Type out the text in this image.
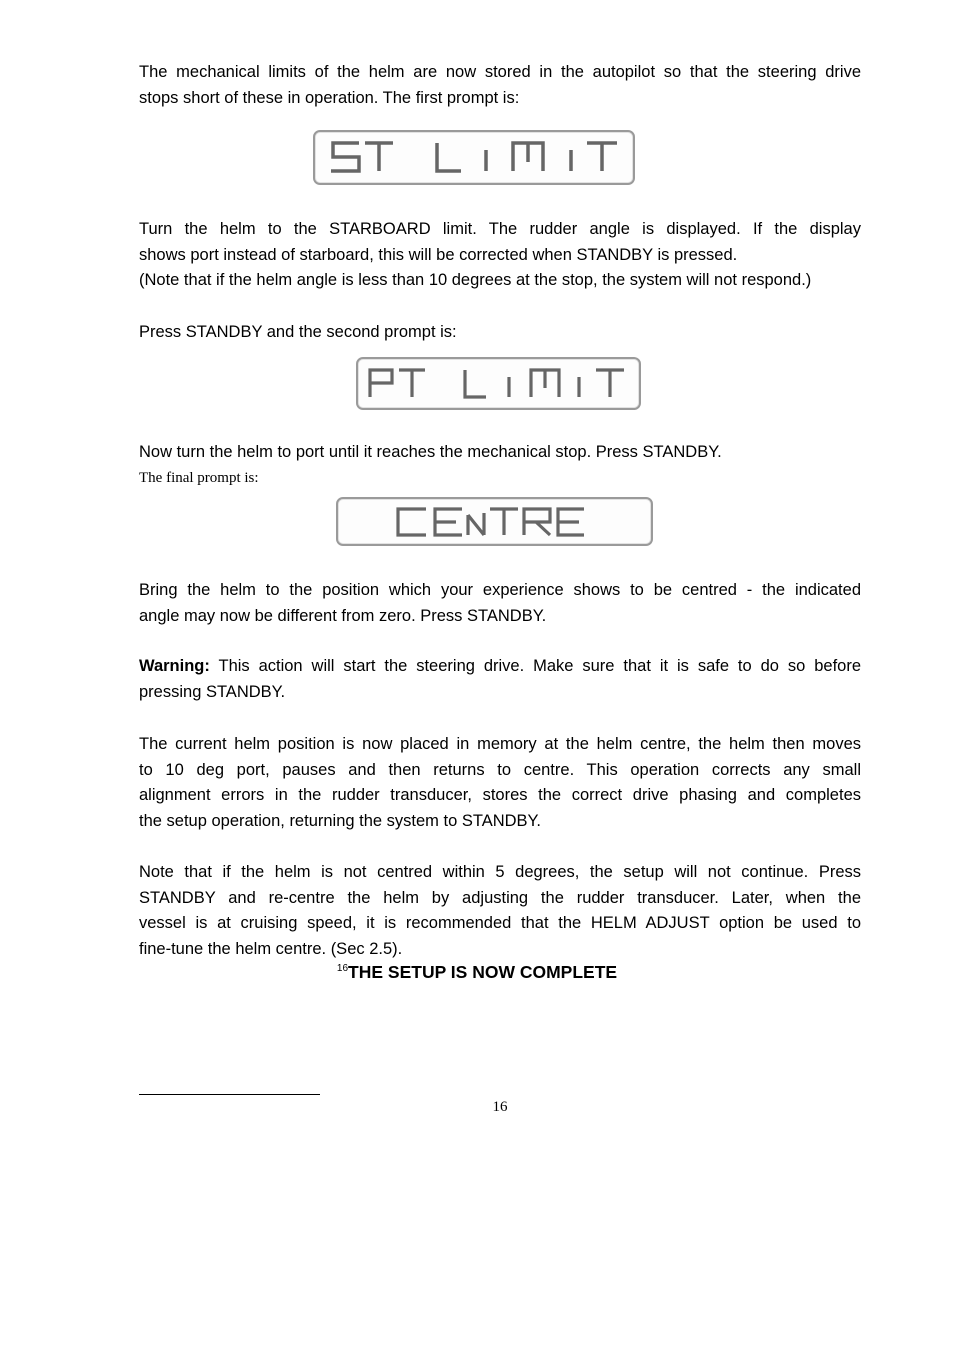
The mechanical limits of the helm are now stored in the autopilot so that the steering drive
stops short of these in operation. The first prompt is:
Turn the helm to the STARBOARD limit. The rudder angle is displayed. If the display
shows port instead of starboard, this will be corrected when STANDBY is pressed.
(Note that if the helm angle is less than 10 degrees at the stop, the system will not respond.)
Press STANDBY and the second prompt is:
Now turn the helm to port until it reaches the mechanical stop. Press STANDBY.
The final prompt is:
Bring the helm to the position which your experience shows to be centred - the indicated
angle may now be different from zero. Press STANDBY.
Warning: This action will start the steering drive. Make sure that it is safe to do so before
pressing STANDBY.
The current helm position is now placed in memory at the helm centre, the helm then moves
to 10 deg port, pauses and then returns to centre. This operation corrects any small
alignment errors in the rudder transducer, stores the correct drive phasing and completes
the setup operation, returning the system to STANDBY.
Note that if the helm is not centred within 5 degrees, the setup will not continue. Press
STANDBY and re-centre the helm by adjusting the rudder transducer. Later, when the
vessel is at cruising speed, it is recommended that the HELM ADJUST option be used to
fine-tune the helm centre. (Sec 2.5).
$^{16}$THE SETUP IS NOW COMPLETE
16
